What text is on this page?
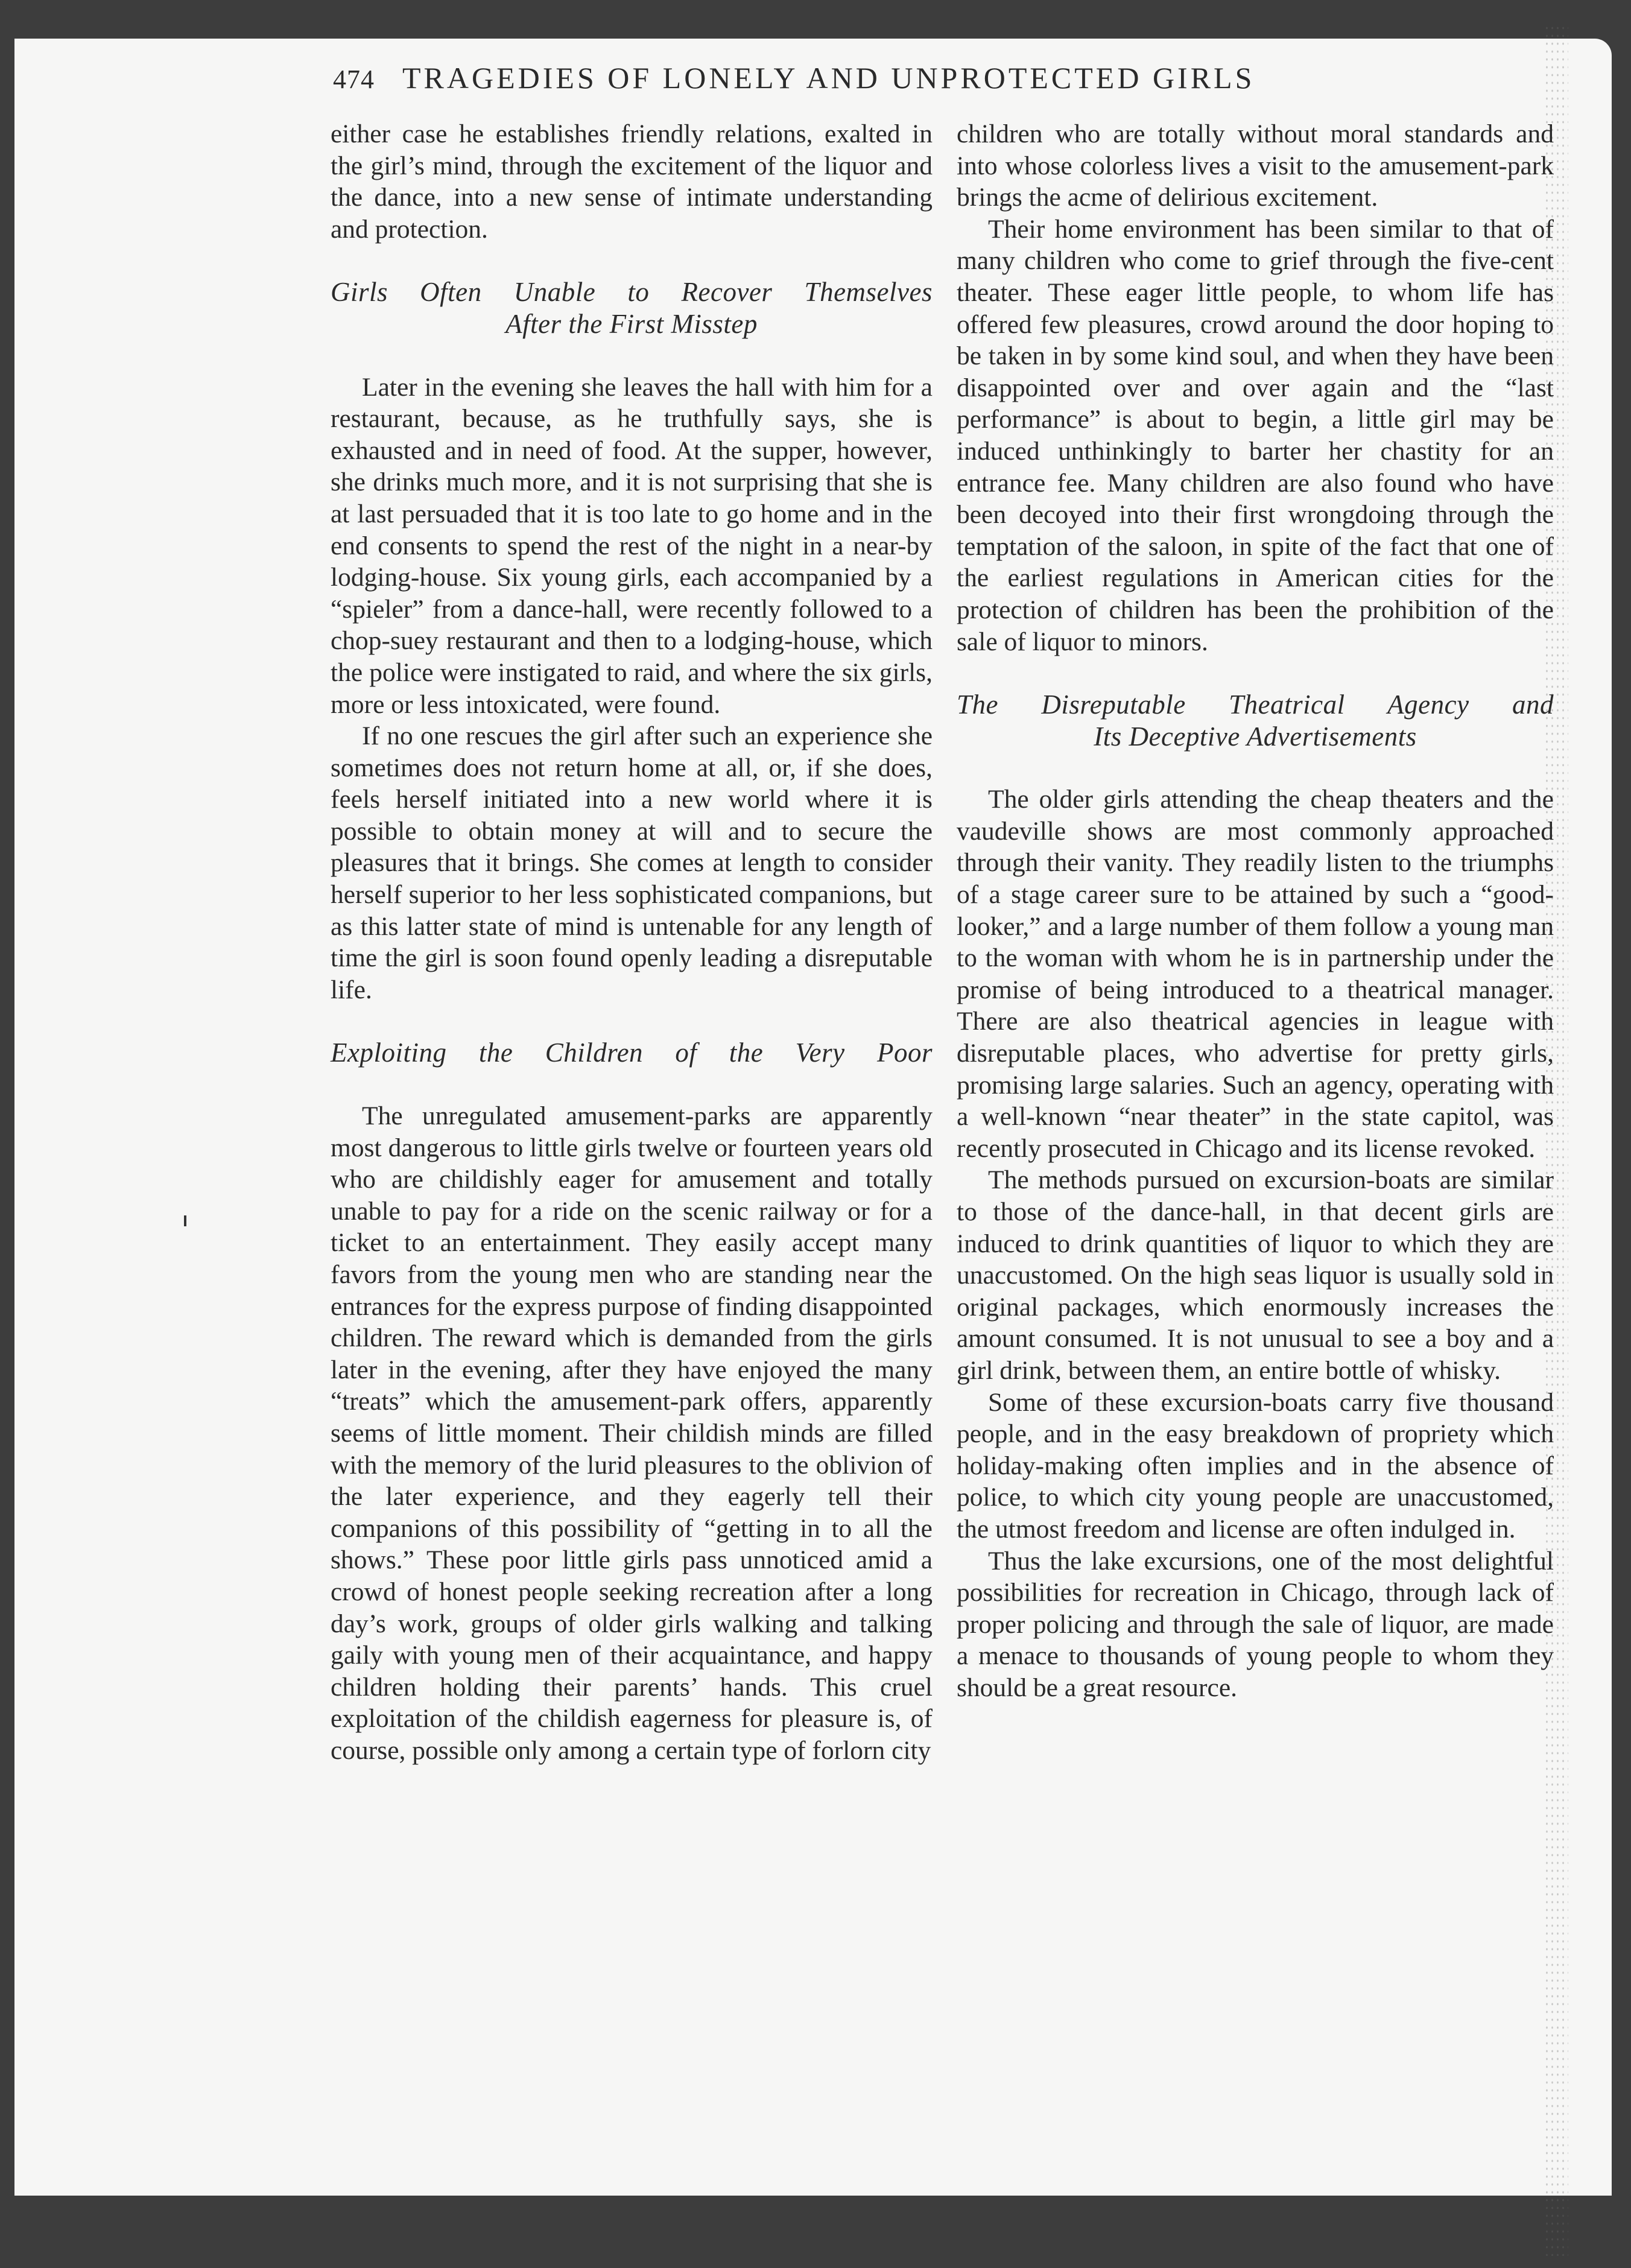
474 TRAGEDIES OF LONELY AND UNPROTECTED GIRLS

either case he establishes friendly relations, exalted in the girl’s mind, through the excitement of the liquor and the dance, into a new sense of intimate understanding and protection.

Girls Often Unable to Recover Themselves
After the First Misstep

Later in the evening she leaves the hall with him for a restaurant, because, as he truthfully says, she is exhausted and in need of food. At the supper, however, she drinks much more, and it is not surprising that she is at last persuaded that it is too late to go home and in the end consents to spend the rest of the night in a near-by lodging-house. Six young girls, each accompanied by a “spieler” from a dance-hall, were recently followed to a chop-suey restaurant and then to a lodging-house, which the police were instigated to raid, and where the six girls, more or less intoxicated, were found.

If no one rescues the girl after such an experience she sometimes does not return home at all, or, if she does, feels herself initiated into a new world where it is possible to obtain money at will and to secure the pleasures that it brings. She comes at length to consider herself superior to her less sophisticated companions, but as this latter state of mind is untenable for any length of time the girl is soon found openly leading a disreputable life.

Exploiting the Children of the Very Poor

The unregulated amusement-parks are apparently most dangerous to little girls twelve or fourteen years old who are childishly eager for amusement and totally unable to pay for a ride on the scenic railway or for a ticket to an entertainment. They easily accept many favors from the young men who are standing near the entrances for the express purpose of finding disappointed children. The reward which is demanded from the girls later in the evening, after they have enjoyed the many “treats” which the amusement-park offers, apparently seems of little moment. Their childish minds are filled with the memory of the lurid pleasures to the oblivion of the later experience, and they eagerly tell their companions of this possibility of “getting in to all the shows.” These poor little girls pass unnoticed amid a crowd of honest people seeking recreation after a long day’s work, groups of older girls walking and talking gaily with young men of their acquaintance, and happy children holding their parents’ hands. This cruel exploitation of the childish eagerness for pleasure is, of course, possible only among a certain type of forlorn city

children who are totally without moral standards and into whose colorless lives a visit to the amusement-park brings the acme of delirious excitement.

Their home environment has been similar to that of many children who come to grief through the five-cent theater. These eager little people, to whom life has offered few pleasures, crowd around the door hoping to be taken in by some kind soul, and when they have been disappointed over and over again and the “last performance” is about to begin, a little girl may be induced unthinkingly to barter her chastity for an entrance fee. Many children are also found who have been decoyed into their first wrongdoing through the temptation of the saloon, in spite of the fact that one of the earliest regulations in American cities for the protection of children has been the prohibition of the sale of liquor to minors.

The Disreputable Theatrical Agency and
Its Deceptive Advertisements

The older girls attending the cheap theaters and the vaudeville shows are most commonly approached through their vanity. They readily listen to the triumphs of a stage career sure to be attained by such a “good-looker,” and a large number of them follow a young man to the woman with whom he is in partnership under the promise of being introduced to a theatrical manager. There are also theatrical agencies in league with disreputable places, who advertise for pretty girls, promising large salaries. Such an agency, operating with a well-known “near theater” in the state capitol, was recently prosecuted in Chicago and its license revoked.

The methods pursued on excursion-boats are similar to those of the dance-hall, in that decent girls are induced to drink quantities of liquor to which they are unaccustomed. On the high seas liquor is usually sold in original packages, which enormously increases the amount consumed. It is not unusual to see a boy and a girl drink, between them, an entire bottle of whisky.

Some of these excursion-boats carry five thousand people, and in the easy breakdown of propriety which holiday-making often implies and in the absence of police, to which city young people are unaccustomed, the utmost freedom and license are often indulged in.

Thus the lake excursions, one of the most delightful possibilities for recreation in Chicago, through lack of proper policing and through the sale of liquor, are made a menace to thousands of young people to whom they should be a great resource.
